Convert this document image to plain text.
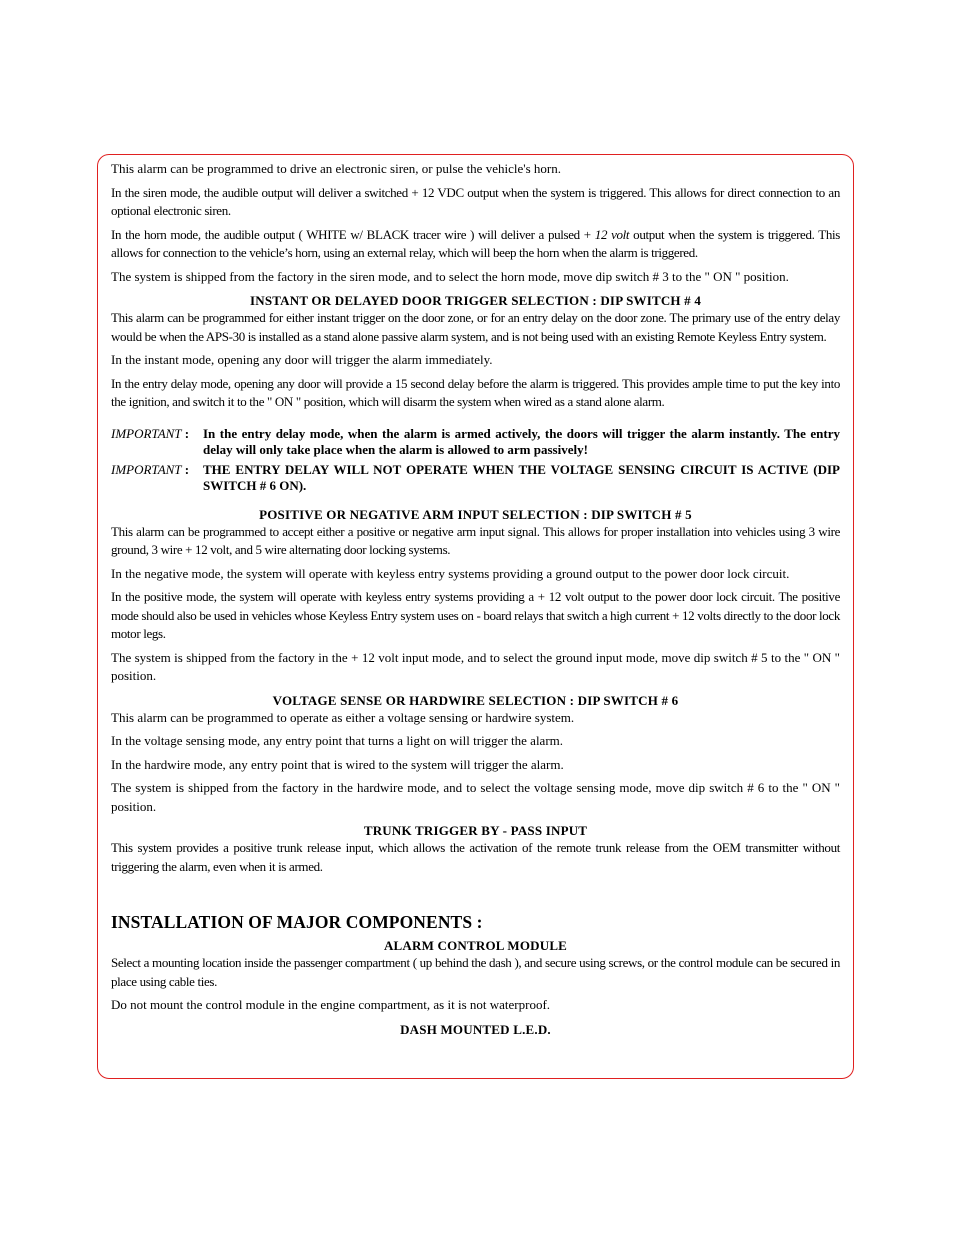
This alarm can be programmed to drive an electronic siren, or pulse the vehicle's horn.

In the siren mode, the audible output will deliver a switched + 12 VDC output when the system is triggered. This allows for direct connection to an optional electronic siren.

In the horn mode, the audible output ( WHITE w/ BLACK tracer wire ) will deliver a pulsed + 12 volt output when the system is triggered. This allows for connection to the vehicle’s horn, using an external relay, which will beep the horn when the alarm is triggered.

The system is shipped from the factory in the siren mode, and to select the horn mode, move dip switch # 3 to the " ON " position.

INSTANT OR DELAYED DOOR TRIGGER SELECTION : DIP SWITCH # 4

This alarm can be programmed for either instant trigger on the door zone, or for an entry delay on the door zone. The primary use of the entry delay would be when the APS-30 is installed as a stand alone passive alarm system, and is not being used with an existing Remote Keyless Entry system.

In the instant mode, opening any door will trigger the alarm immediately.

In the entry delay mode, opening any door will provide a 15 second delay before the alarm is triggered. This provides ample time to put the key into the ignition, and switch it to the " ON " position, which will disarm the system when wired as a stand alone alarm.

IMPORTANT :	In the entry delay mode, when the alarm is armed actively, the doors will trigger the alarm instantly. The entry delay will only take place when the alarm is allowed to arm passively!
IMPORTANT :	THE ENTRY DELAY WILL NOT OPERATE WHEN THE VOLTAGE SENSING CIRCUIT IS ACTIVE (DIP SWITCH # 6 ON).
POSITIVE OR NEGATIVE ARM INPUT SELECTION : DIP SWITCH # 5

This alarm can be programmed to accept either a positive or negative arm input signal. This allows for proper installation into vehicles using 3 wire ground, 3 wire + 12 volt, and 5 wire alternating door locking systems.

In the negative mode, the system will operate with keyless entry systems providing a ground output to the power door lock circuit.

In the positive mode, the system will operate with keyless entry systems providing a + 12 volt output to the power door lock circuit. The positive mode should also be used in vehicles whose Keyless Entry system uses on - board relays that switch a high current + 12 volts directly to the door lock motor legs.

The system is shipped from the factory in the + 12 volt input mode, and to select the ground input mode, move dip switch # 5 to the " ON " position.

VOLTAGE SENSE OR HARDWIRE SELECTION : DIP SWITCH # 6

This alarm can be programmed to operate as either a voltage sensing or hardwire system.

In the voltage sensing mode, any entry point that turns a light on will trigger the alarm.

In the hardwire mode, any entry point that is wired to the system will trigger the alarm.

The system is shipped from the factory in the hardwire mode, and to select the voltage sensing mode, move dip switch # 6 to the " ON " position.

TRUNK TRIGGER BY - PASS INPUT

This system provides a positive trunk release input, which allows the activation of the remote trunk release from the OEM transmitter without triggering the alarm, even when it is armed.

INSTALLATION OF MAJOR COMPONENTS :
ALARM CONTROL MODULE

Select a mounting location inside the passenger compartment ( up behind the dash ), and secure using screws, or the control module can be secured in place using cable ties.

Do not mount the control module in the engine compartment, as it is not waterproof.

DASH MOUNTED L.E.D.
